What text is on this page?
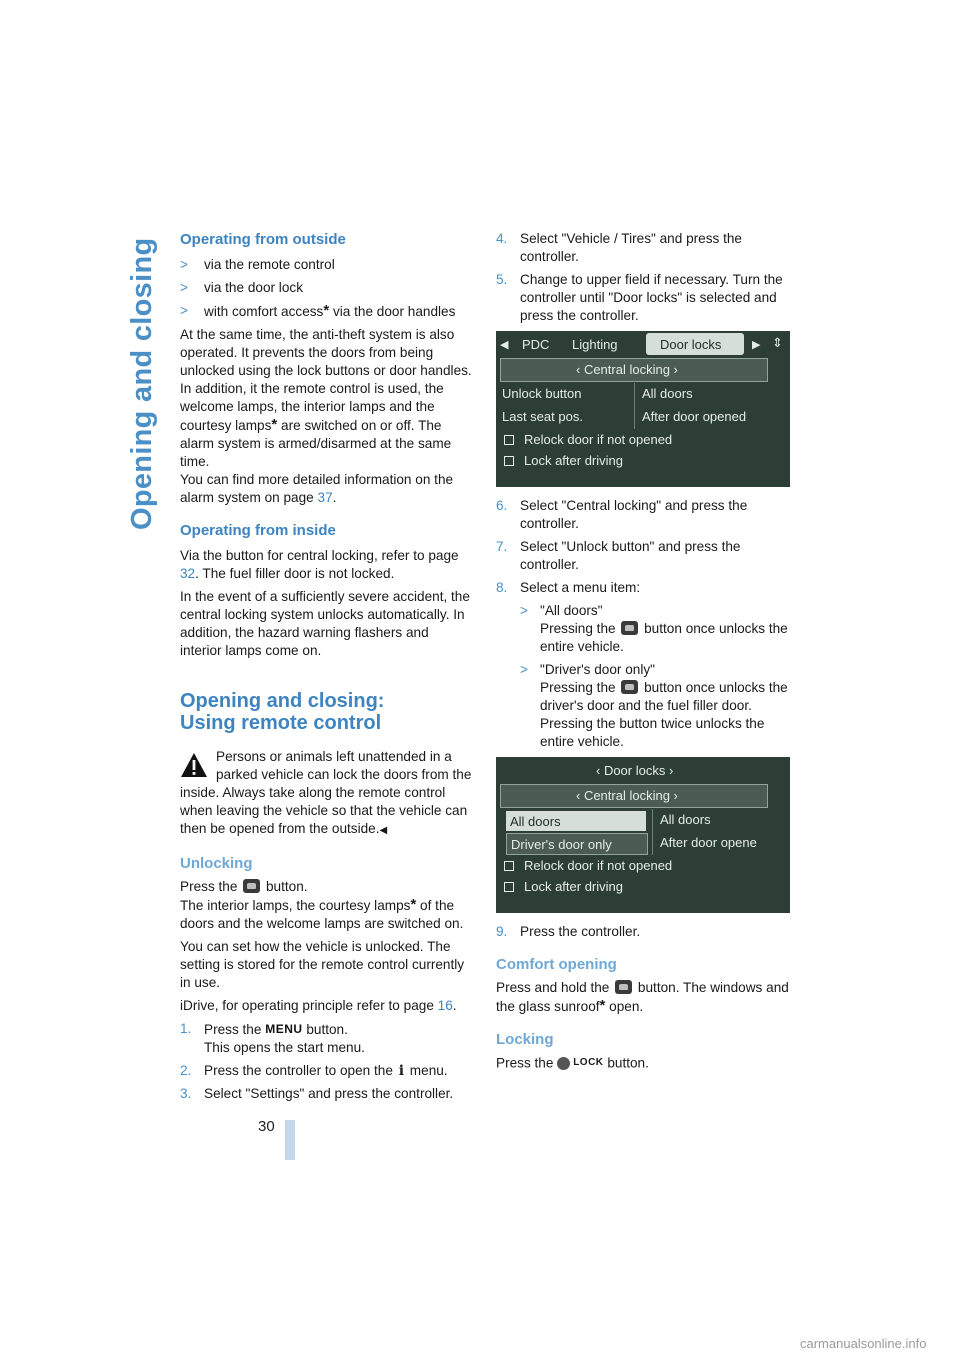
Opening and closing Operating from outside
> via the remote control
> via the door lock
> with comfort access* via the door handles

At the same time, the anti-theft system is also operated. It prevents the doors from being unlocked using the lock buttons or door handles. In addition, it the remote control is used, the welcome lamps, the interior lamps and the courtesy lamps* are switched on or off. The alarm system is armed/disarmed at the same time.
You can find more detailed information on the alarm system on page 37.

Operating from inside

Via the button for central locking, refer to page 32. The fuel filler door is not locked.

In the event of a sufficiently severe accident, the central locking system unlocks automatically. In addition, the hazard warning flashers and interior lamps come on.

Opening and closing:
Using remote control

Persons or animals left unattended in a parked vehicle can lock the doors from the inside. Always take along the remote control when leaving the vehicle so that the vehicle can then be opened from the outside.◀

Unlocking

Press the  button.
The interior lamps, the courtesy lamps* of the doors and the welcome lamps are switched on.

You can set how the vehicle is unlocked. The setting is stored for the remote control currently in use.

iDrive, for operating principle refer to page 16.

1. Press the MENU button.
This opens the start menu.
2. Press the controller to open the i menu.
3. Select "Settings" and press the controller.
4. Select "Vehicle / Tires" and press the controller.
5. Change to upper field if necessary. Turn the controller until "Door locks" is selected and press the controller.
◀ PDC Lighting	Door locks	▶ ⇕
‹ Central locking ›
Unlock button
Last seat pos.
All doors
After door opened
Relock door if not opened
Lock after driving
6. Select "Central locking" and press the controller.
7. Select "Unlock button" and press the controller.
8. Select a menu item:
> "All doors"
Pressing the  button once unlocks the entire vehicle.
> "Driver's door only"
Pressing the  button once unlocks the driver's door and the fuel filler door. Pressing the button twice unlocks the entire vehicle.
‹ Door locks ›
‹ Central locking ›
All doors
Driver's door only
All doors
After door opene
Relock door if not opened
Lock after driving
9. Press the controller.
Comfort opening

Press and hold the  button. The windows and the glass sunroof* open.

Locking

Press the LOCK button.

30
carmanualsonline.info
